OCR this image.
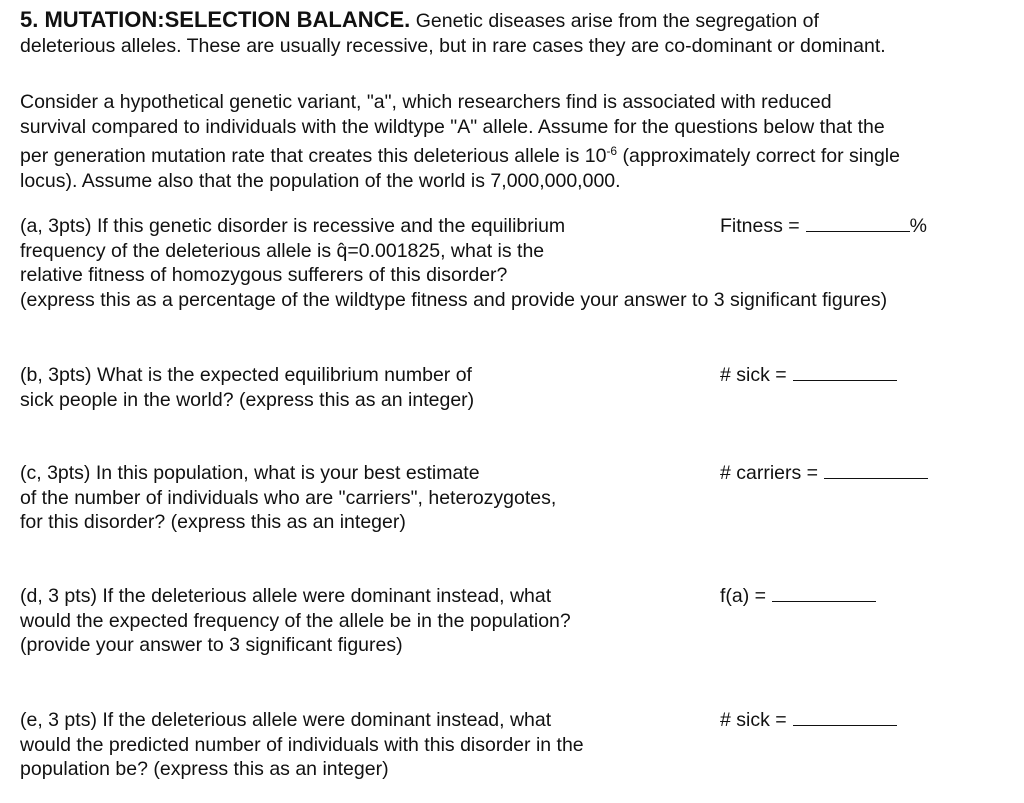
5. MUTATION:SELECTION BALANCE. Genetic diseases arise from the segregation of
deleterious alleles. These are usually recessive, but in rare cases they are co-dominant or dominant.
Consider a hypothetical genetic variant, "a", which researchers find is associated with reduced
survival compared to individuals with the wildtype "A" allele. Assume for the questions below that the
per generation mutation rate that creates this deleterious allele is $10^{-6}$ (approximately correct for single
locus). Assume also that the population of the world is 7,000,000,000.
(a, 3pts) If this genetic disorder is recessive and the equilibrium
frequency of the deleterious allele is q̂=0.001825, what is the
relative fitness of homozygous sufferers of this disorder?
(express this as a percentage of the wildtype fitness and provide your answer to 3 significant figures)
Fitness =	%
(b, 3pts) What is the expected equilibrium number of
sick people in the world? (express this as an integer)
# sick =
(c, 3pts) In this population, what is your best estimate
of the number of individuals who are "carriers", heterozygotes,
for this disorder? (express this as an integer)
# carriers =
(d, 3 pts) If the deleterious allele were dominant instead, what
would the expected frequency of the allele be in the population?
(provide your answer to 3 significant figures)
f(a) =
(e, 3 pts) If the deleterious allele were dominant instead, what
would the predicted number of individuals with this disorder in the
population be? (express this as an integer)
# sick =
